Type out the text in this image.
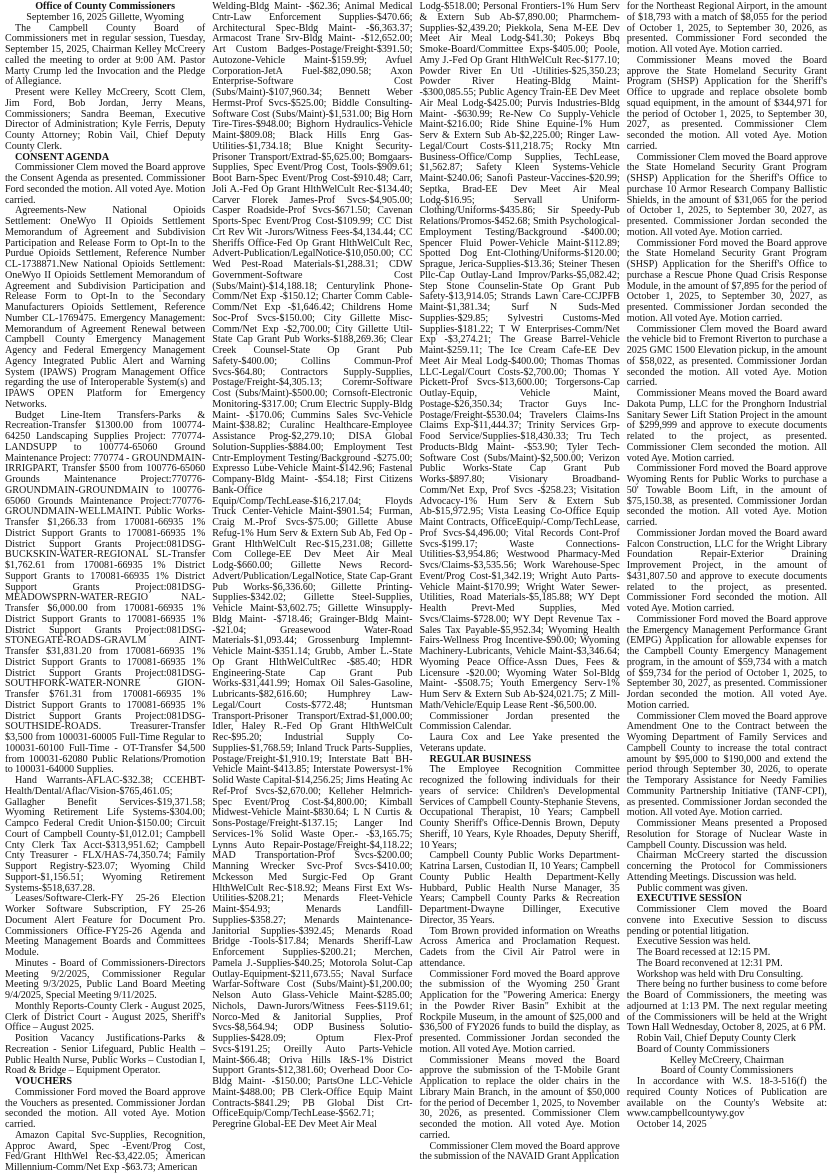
Office of County Commissioners

September 16, 2025 Gillette, Wyoming

The Campbell County Board of Commissioners met in regular session, Tuesday, September 15, 2025, Chairman Kelley McCreery called the meeting to order at 9:00 AM. Pastor Marty Crump led the Invocation and the Pledge of Allegiance.

Present were Kelley McCreery, Scott Clem, Jim Ford, Bob Jordan, Jerry Means, Commissioners; Sandra Beeman, Executive Director of Administration; Kyle Ferris, Deputy County Attorney; Robin Vail, Chief Deputy County Clerk.

CONSENT AGENDA

Commissioner Clem moved the Board approve the Consent Agenda as presented. Commissioner Ford seconded the motion. All voted Aye. Motion carried.

Agreements-New National Opioids Settlement: OneWyo II Opioids Settlement Memorandum of Agreement and Subdivision Participation and Release Form to Opt-In to the Purdue Opioids Settlement, Reference Number CL-1738871.New National Opioids Settlement: OneWyo II Opioids Settlement Memorandum of Agreement and Subdivision Participation and Release Form to Opt-In to the Secondary Manufacturers Opioids Settlement, Reference Number CL-1769475. Emergency Management: Memorandum of Agreement Renewal between Campbell County Emergency Management Agency and Federal Emergency Management Agency Integrated Public Alert and Warning System (IPAWS) Program Management Office regarding the use of Interoperable System(s) and IPAWS OPEN Platform for Emergency Networks.

Budget Line-Item Transfers-Parks & Recreation-Transfer $1300.00 from 100774-64250 Landscaping Supplies Project: 770774-LANDSUPP to 100774-65060 Ground Maintenance Project: 770774 - GROUNDMAIN-IRRIGPART, Transfer $500 from 100776-65060 Grounds Maintenance Project:770776-GROUNDMAIN-GROUNDMAIN to 100776-65060 Grounds Maintenance Project:770776-GROUNDMAIN-WELLMAINT. Public Works-Transfer $1,266.33 from 170081-66935 1% District Support Grants to 170081-66935 1% District Support Grants Project:081DSG-BUCKSKIN-WATER-REGIONAL SL-Transfer $1,762.61 from 170081-66935 1% District Support Grants to 170081-66935 1% District Support Grants Project:081DSG-MEADOWSPRN-WATER-REGIO NAL-Transfer $6,000.00 from 170081-66935 1% District Support Grants to 170081-66935 1% District Support Grants Project:081DSG-STONEGATE-ROADS-GRAVLM AINT-Transfer $31,831.20 from 170081-66935 1% District Support Grants to 170081-66935 1% District Support Grants Project:081DSG-SOUTHFORK-WATER-NONRE GION-Transfer $761.31 from 170081-66935 1% District Support Grants to 170081-66935 1% District Support Grants Project:081DSG-SOUTHSIDE-ROADS. Treasurer-Transfer $3,500 from 100031-60005 Full-Time Regular to 100031-60100 Full-Time - OT-Transfer $4,500 from 100031-62080 Public Relations/Promotion to 100031-64000 Supplies.

Hand Warrants-AFLAC-$32.38; CCEHBT-Health/Dental/Aflac/Vision-$765,461.05; Gallagher Benefit Services-$19,371.58; Wyoming Retirement Life Systems-$304.00; Campco Federal Credit Union-$150.00; Circuit Court of Campbell County-$1,012.01; Campbell Cnty Clerk Tax Acct-$313,951.62; Campbell Cnty Treasurer - FLX/HAS-74,350.74; Family Support Registry-$23.07; Wyoming Child Support-$1,156.51; Wyoming Retirement Systems-$518,637.28.

Leases/Software-Clerk-FY 25-26 Election Worker Software Subscription, FY 25-26 Document Alert Feature for Document Pro. Commissioners Office-FY25-26 Agenda and Meeting Management Boards and Committees Module.

Minutes - Board of Commissioners-Directors Meeting 9/2/2025, Commissioner Regular Meeting 9/3/2025, Public Land Board Meeting 9/4/2025, Special Meeting 9/11/2025.

Monthly Reports-County Clerk - August 2025, Clerk of District Court - August 2025, Sheriff's Office – August 2025.

Position Vacancy Justifications-Parks & Recreation - Senior Lifeguard, Public Health – Public Health Nurse, Public Works – Custodian I, Road & Bridge – Equipment Operator.

VOUCHERS

Commissioner Ford moved the Board approve the Vouchers as presented. Commissioner Jordan seconded the motion. All voted Aye. Motion carried.

Amazon Capital Svc-Supplies, Recognition, Approc Award, Spec -Event/Prog Cost, Fed/Grant HlthWel Rec-$3,422.05; American Millennium-Comm/Net Exp -$63.73; American

Welding-Bldg Maint- -$62.36; Animal Medical Cntr-Law Enforcement Supplies-$470.66; Architectural Spec-Bldg Maint- -$6,363.37; Armacost Trane Srv-Bldg Maint- -$12,652.00; Art Custom Badges-Postage/Freight-$391.50; Autozone-Vehicle Maint-$159.99; Avfuel Corporation-JetA Fuel-$82,090.58; Axon Enterprise-Software Cost (Subs/Maint)-$107,960.34; Bennett Weber Hermst-Prof Svcs-$525.00; Biddle Consulting-Software Cost (Subs/Maint)-$1,531.00; Big Horn Tire-Tires-$948.00; Bighorn Hydraulics-Vehicle Maint-$809.08; Black Hills Enrg Gas-Utilities-$1,734.18; Blue Knight Security-Prisoner Transport/Extrad-$5,625.00; Bomgaars-Supplies, Spec Event/Prog Cost, Tools-$909.61; Boot Barn-Spec Event/Prog Cost-$910.48; Carr, Joli A.-Fed Op Grant HlthWelCult Rec-$134.40; Carver Florek James-Prof Svcs-$4,905.00; Casper Roadside-Prof Svcs-$671.50; Cavenan Sports-Spec Event/Prog Cost-$109.99; CC Dist Crt Rev Wit -Jurors/Witness Fees-$4,134.44; CC Sheriffs Office-Fed Op Grant HlthWelCult Rec, Advert-Publication/LegalNotice-$10,050.00; CC Wed Pest-Road Materials-$1,288.31; CDW Government-Software Cost (Subs/Maint)-$14,188.18; Centurylink Phone-Comm/Net Exp -$150.12; Charter Comm Cable-Comm/Net Exp -$1,646.42; Childrens Home Soc-Prof Svcs-$150.00; City Gillette Misc-Comm/Net Exp -$2,700.00; City Gillette Util-State Cap Grant Pub Works-$188,269.36; Clear Creek Counsel-State Op Grant Pub Safety-$400.00; Collins Commun-Prof Svcs-$64.80; Contractors Supply-Supplies, Postage/Freight-$4,305.13; Coremr-Software Cost (Subs/Maint)-$500.00; Cornsoft-Electronic Monitoring-$317.00; Crum Electric Supply-Bldg Maint- -$170.06; Cummins Sales Svc-Vehicle Maint-$38.82; Curalinc Healthcare-Employee Assistance Prog-$2,279.10; DISA Global Solution-Supplies-$884.00; Employment Test Cntr-Employment Testing/Background -$275.00; Expresso Lube-Vehicle Maint-$142.96; Fastenal Company-Bldg Maint- -$54.18; First Citizens Bank-Office Equip/Comp/TechLease-$16,217.04; Floyds Truck Center-Vehicle Maint-$901.54; Furman, Craig M.-Prof Svcs-$75.00; Gillette Abuse Refug-1% Hum Serv & Extern Sub Ab, Fed Op -Grant HlthWelCult Rec-$15,231.08; Gillette Com College-EE Dev Meet Air Meal Lodg-$660.00; Gillette News Record-Advert/Publication/LegalNotice, State Cap-Grant Pub Works-$6,336.60; Gillette Printing-Supplies-$342.02; Gillette Steel-Supplies, Vehicle Maint-$3,602.75; Gillette Winsupply-Bldg Maint- -$718.46; Grainger-Bldg Maint- -$21.04; Greasewood Water-Road Materials-$1,093.44; Grossenburg Implemnt-Vehicle Maint-$351.14; Grubb, Amber L.-State Op Grant HlthWelCultRec -$85.40; HDR Engineering-State Cap Grant Pub Works-$31,441.99; Homax Oil Sales-Gasoline, Lubricants-$82,616.60; Humphrey Law-Legal/Court Costs-$772.48; Huntsman Transport-Prisoner Transport/Extrad-$1,000.00; Idler, Haley R.-Fed Op Grant HlthWelCult Rec-$95.20; Industrial Supply Co-Supplies-$1,768.59; Inland Truck Parts-Supplies, Postage/Freight-$1,910.19; Interstate Batt BH-Vehicle Maint-$413.85; Interstate Powersyst-1% Solid Waste Capital-$14,256.25; Jims Heating Ac Ref-Prof Svcs-$2,670.00; Kelleher Helmrich-Spec Event/Prog Cost-$4,800.00; Kimball Midwest-Vehicle Maint-$830.64; L N Curtis & Sons-Postage/Freight-$137.15; Langer Ind Services-1% Solid Waste Oper.- -$3,165.75; Lynns Auto Repair-Postage/Freight-$4,118.22; MAD Transportation-Prof Svcs-$200.00; Manning Wrecker Svc-Prof Svcs-$410.00; Mckesson Med Surgic-Fed Op Grant HlthWelCult Rec-$18.92; Means First Ext Ws-Utilities-$208.21; Menards Fleet-Vehicle Maint-$54.93; Menards Landfill-Supplies-$358.27; Menards Maintenance-Janitorial Supplies-$392.45; Menards Road Bridge -Tools-$17.84; Menards Sheriff-Law Enforcement Supplies-$200.21; Merchen, Pamela J.-Supplies-$40.25; Motorola Solut-Cap Outlay-Equipment-$211,673.55; Naval Surface Warfar-Software Cost (Subs/Maint)-$1,200.00; Nelson Auto Glass-Vehicle Maint-$285.00; Nichols, Dawn-Jurors/Witness Fees-$119.61; Norco-Med & Janitorial Supplies, Prof Svcs-$8,564.94; ODP Business Solutio-Supplies-$428.09; Optum Flex-Prof Svcs-$191.25; Oreilly Auto Parts-Vehicle Maint-$66.48; Oriva Hills I&S-1% District Support Grants-$12,381.60; Overhead Door Co-Bldg Maint- -$150.00; PartsOne LLC-Vehicle Maint-$488.00; PB Clerk-Office Equip Maint Contracts-$841.29; PB Global Dist Crt-OfficeEquip/Comp/TechLease-$562.71; Peregrine Global-EE Dev Meet Air Meal

Lodg-$518.00; Personal Frontiers-1% Hum Serv & Extern Sub Ab-$7,890.00; Pharmchem-Supplies-$2,439.20; Piekkola, Sena M-EE Dev Meet Air Meal Lodg-$41.30; Pokeys Bbq Smoke-Board/Committee Exps-$405.00; Poole, Amy J.-Fed Op Grant HlthWelCult Rec-$177.10; Powder River En Utl -Utilities-$25,350.23; Powder River Heating-Bldg Maint- -$300,085.55; Public Agency Train-EE Dev Meet Air Meal Lodg-$425.00; Purvis Industries-Bldg Maint- -$630.99; Re-New Co Supply-Vehicle Maint-$216.00; Ride Shine Equine-1% Hum Serv & Extern Sub Ab-$2,225.00; Ringer Law-Legal/Court Costs-$11,218.75; Rocky Mtn Business-Office/Comp Supplies, TechLease, $1,562.87; Safety Kleen Systems-Vehicle Maint-$240.06; Sanofi Pasteur-Vaccines-$20.99; Septka, Brad-EE Dev Meet Air Meal Lodg-$16.95; Servall Uniform-Clothing/Uniforms-$435.86; Sir Speedy-Pub Relations/Promos-$452.68; Smith Psychological-Employment Testing/Background -$400.00; Spencer Fluid Power-Vehicle Maint-$112.89; Spotted Dog Ent-Clothing/Uniforms-$120.00; Sprague, Jerica-Supplies-$13.36; Steiner Thesen Pllc-Cap Outlay-Land Improv/Parks-$5,082.42; Step Stone Counselin-State Op Grant Pub Safety-$13,914.05; Strands Lawn Care-CCJPFB Maint-$1,381.34; Surf N Suds-Med Supplies-$29.85; Sylvestri Customs-Med Supplies-$181.22; T W Enterprises-Comm/Net Exp -$3,274.21; The Grease Barrel-Vehicle Maint-$259.11; The Ice Cream Cafe-EE Dev Meet Air Meal Lodg-$400.00; Thomas Thomas LLC-Legal/Court Costs-$2,700.00; Thomas Y Pickett-Prof Svcs-$13,600.00; Torgersons-Cap Outlay-Equip, Vehicle Maint, Postage-$26,350.34; Tractor Guys Inc-Postage/Freight-$530.04; Travelers Claims-Ins Claims Exp-$11,444.37; Trinity Services Grp-Food Service/Supplies-$18,430.33; Tru Tech Products-Bldg Maint- -$53.90; Tyler Tech-Software Cost (Subs/Maint)-$2,500.00; Verizon Public Works-State Cap Grant Pub Works-$897.80; Visionary Broadband-Comm/Net Exp, Prof Svcs -$258.23; Visitation Advocacy-1% Hum Serv & Extern Sub Ab-$15,972.95; Vista Leasing Co-Office Equip Maint Contracts, OfficeEquip/-Comp/TechLease, Prof Svcs-$4,496.00; Vital Records Cont-Prof Svcs-$199.17; Waste Connections-Utilities-$3,954.86; Westwood Pharmacy-Med Svcs/Claims-$3,535.56; Work Warehouse-Spec Event/Prog Cost-$1,342.19; Wright Auto Parts-Vehicle Maint-$170.99; Wright Water Sewer-Utilities, Road Materials-$5,185.88; WY Dept Health Prevt-Med Supplies, Med Svcs/Claims-$728.00; WY Dept Revenue Tax -Sales Tax Payable-$5,952.34; Wyoming Health Fairs-Wellness Prog Incentive-$90.00; Wyoming Machinery-Lubricants, Vehicle Maint-$3,346.64; Wyoming Peace Office-Assn Dues, Fees & Licensure -$20.00; Wyoming Water Sol-Bldg Maint- -$508.75; Youth Emergency Serv-1% Hum Serv & Extern Sub Ab-$24,021.75; Z Mill-Math/Vehicle/Equip Lease Rent -$6,500.00.

Commissioner Jordan presented the Commission Calendar.

Laura Cox and Lee Yake presented the Veterans update.

REGULAR BUSINESS

The Employee Recognition Committee recognized the following individuals for their years of service: Children's Developmental Services of Campbell County-Stephanie Stevens, Occupational Therapist, 10 Years; Campbell County Sheriff's Office-Dennis Brown, Deputy Sheriff, 10 Years, Kyle Rhoades, Deputy Sheriff, 10 Years;

Campbell County Public Works Department-Katrina Larsen, Custodian II, 10 Years; Campbell County Public Health Department-Kelly Hubbard, Public Health Nurse Manager, 35 Years; Campbell County Parks & Recreation Department-Dwayne Dillinger, Executive Director, 35 Years.

Tom Brown provided information on Wreaths Across America and Proclamation Request. Cadets from the Civil Air Patrol were in attendance.

Commissioner Ford moved the Board approve the submission of the Wyoming 250 Grant Application for the "Powering America: Energy in the Powder River Basin" Exhibit at the Rockpile Museum, in the amount of $25,000 and $36,500 of FY2026 funds to build the display, as presented. Commissioner Jordan seconded the motion. All voted Aye. Motion carried.

Commissioner Means moved the Board approve the submission of the T-Mobile Grant Application to replace the older chairs in the Library Main Branch, in the amount of $50,000 for the period of December 1, 2025, to November 30, 2026, as presented. Commissioner Clem seconded the motion. All voted Aye. Motion carried.

Commissioner Clem moved the Board approve the submission of the NAVAID Grant Application

for the Northeast Regional Airport, in the amount of $18,793 with a match of $8,055 for the period of October 1, 2025, to September 30, 2026, as presented. Commissioner Ford seconded the motion. All voted Aye. Motion carried.

Commissioner Means moved the Board approve the State Homeland Security Grant Program (SHSP) Application for the Sheriff's Office to upgrade and replace obsolete bomb squad equipment, in the amount of $344,971 for the period of October 1, 2025, to September 30, 2027, as presented. Commissioner Clem seconded the motion. All voted Aye. Motion carried.

Commissioner Clem moved the Board approve the State Homeland Security Grant Program (SHSP) Application for the Sheriff's Office to purchase 10 Armor Research Company Ballistic Shields, in the amount of $31,065 for the period of October 1, 2025, to September 30, 2027, as presented. Commissioner Jordan seconded the motion. All voted Aye. Motion carried.

Commissioner Ford moved the Board approve the State Homeland Security Grant Program (SHSP) Application for the Sheriff's Office to purchase a Rescue Phone Quad Crisis Response Module, in the amount of $7,895 for the period of October 1, 2025, to September 30, 2027, as presented. Commissioner Jordan seconded the motion. All voted Aye. Motion carried.

Commissioner Clem moved the Board award the vehicle bid to Fremont Riverton to purchase a 2025 GMC 1500 Elevation pickup, in the amount of $58,022, as presented. Commissioner Jordan seconded the motion. All voted Aye. Motion carried.

Commissioner Means moved the Board award Dakota Pump, LLC for the Pronghorn Industrial Sanitary Sewer Lift Station Project in the amount of $299,999 and approve to execute documents related to the project, as presented. Commissioner Clem seconded the motion. All voted Aye. Motion carried.

Commissioner Ford moved the Board approve Wyoming Rents for Public Works to purchase a 50' Towable Boom Lift, in the amount of $75,150.38, as presented. Commissioner Jordan seconded the motion. All voted Aye. Motion carried.

Commissioner Jordan moved the Board award Falcon Construction, LLC for the Wright Library Foundation Repair-Exterior Draining Improvement Project, in the amount of $431,807.50 and approve to execute documents related to the project, as presented. Commissioner Ford seconded the motion. All voted Aye. Motion carried.

Commissioner Ford moved the Board approve the Emergency Management Performance Grant (EMPG) Application for allowable expenses for the Campbell County Emergency Management program, in the amount of $59,734 with a match of $59,734 for the period of October 1, 2025, to September 30, 2027, as presented. Commissioner Jordan seconded the motion. All voted Aye. Motion carried.

Commissioner Clem moved the Board approve Amendment One to the Contract between the Wyoming Department of Family Services and Campbell County to increase the total contract amount by $95,000 to $190,000 and extend the period through September 30, 2026, to operate the Temporary Assistance for Needy Families Community Partnership Initiative (TANF-CPI), as presented. Commissioner Jordan seconded the motion. All voted Aye. Motion carried.

Commissioner Means presented a Proposed Resolution for Storage of Nuclear Waste in Campbell County. Discussion was held.

Chairman McCreery started the discussion concerning the Protocol for Commissioners Attending Meetings. Discussion was held.

Public comment was given.

EXECUTIVE SESSION

Commissioner Clem moved the Board convene into Executive Session to discuss pending or potential litigation.

Executive Session was held.

The Board recessed at 12:15 PM.

The Board reconvened at 12:31 PM.

Workshop was held with Dru Consulting.

There being no further business to come before the Board of Commissioners, the meeting was adjourned at 1:13 PM. The next regular meeting of the Commissioners will be held at the Wright Town Hall Wednesday, October 8, 2025, at 6 PM.

Robin Vail, Chief Deputy County Clerk

Board of County Commissioners

Kelley McCreery, Chairman

Board of County Commissioners

In accordance with W.S. 18-3-516(f) the required County Notices of Publication are available on the County's Website at: www.campbellcountywy.gov

October 14, 2025
